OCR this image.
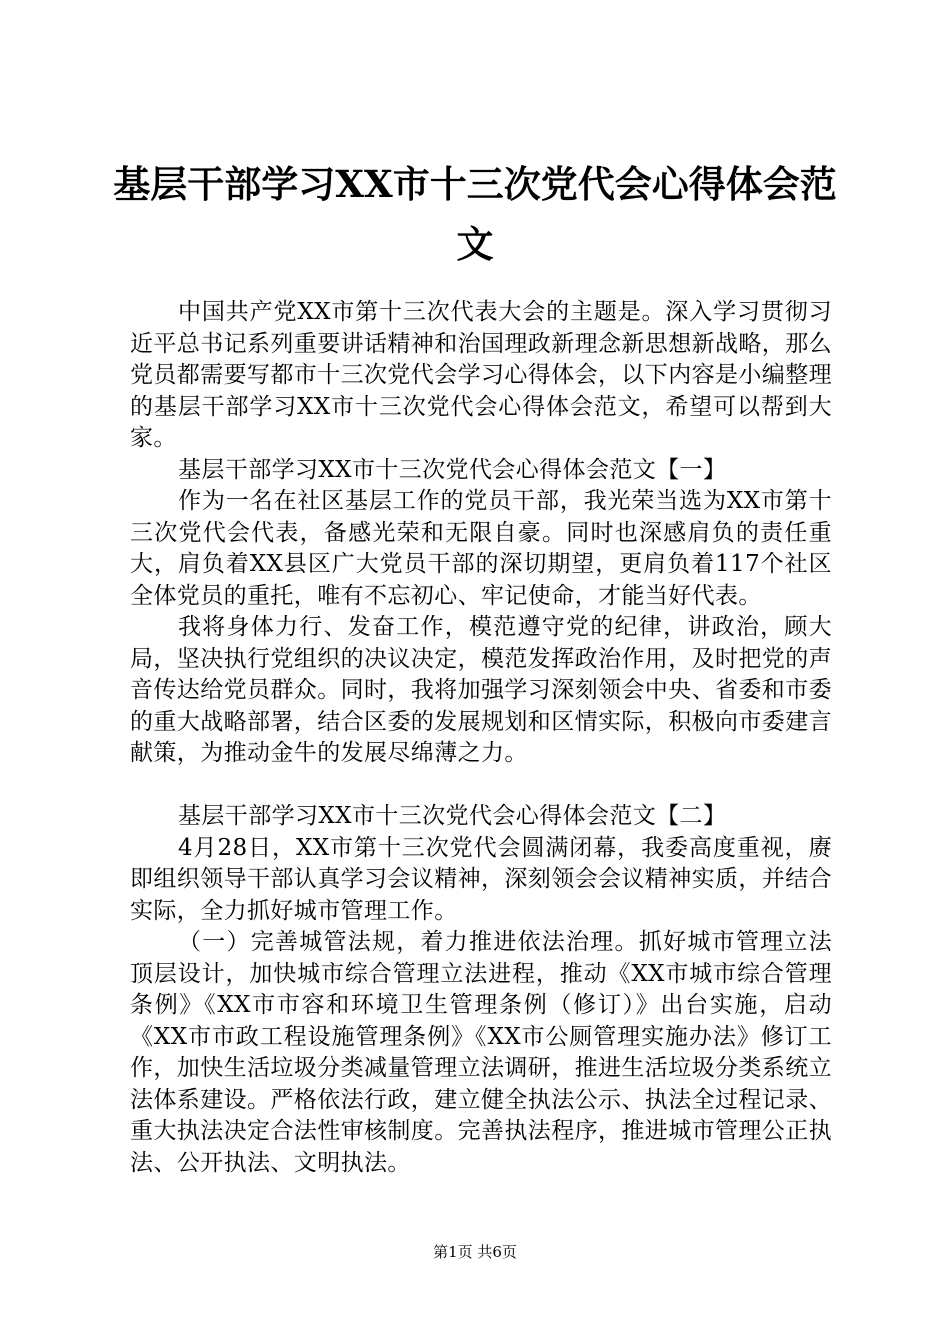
基层干部学习XX市十三次党代会心得体会范
文

中国共产党XX市第十三次代表大会的主题是。深入学习贯彻习近平总书记系列重要讲话精神和治国理政新理念新思想新战略，那么党员都需要写都市十三次党代会学习心得体会，以下内容是小编整理的基层干部学习XX市十三次党代会心得体会范文，希望可以帮到大家。

基层干部学习XX市十三次党代会心得体会范文【一】

作为一名在社区基层工作的党员干部，我光荣当选为XX市第十三次党代会代表，备感光荣和无限自豪。同时也深感肩负的责任重大，肩负着XX县区广大党员干部的深切期望，更肩负着117个社区全体党员的重托，唯有不忘初心、牢记使命，才能当好代表。

我将身体力行、发奋工作，模范遵守党的纪律，讲政治，顾大局，坚决执行党组织的决议决定，模范发挥政治作用，及时把党的声音传达给党员群众。同时，我将加强学习深刻领会中央、省委和市委的重大战略部署，结合区委的发展规划和区情实际，积极向市委建言献策，为推动金牛的发展尽绵薄之力。

基层干部学习XX市十三次党代会心得体会范文【二】

4月28日，XX市第十三次党代会圆满闭幕，我委高度重视，赓即组织领导干部认真学习会议精神，深刻领会会议精神实质，并结合实际，全力抓好城市管理工作。

（一）完善城管法规，着力推进依法治理。抓好城市管理立法顶层设计，加快城市综合管理立法进程，推动《XX市城市综合管理条例》《XX市市容和环境卫生管理条例（修订）》出台实施，启动《XX市市政工程设施管理条例》《XX市公厕管理实施办法》修订工作，加快生活垃圾分类减量管理立法调研，推进生活垃圾分类系统立法体系建设。严格依法行政，建立健全执法公示、执法全过程记录、重大执法决定合法性审核制度。完善执法程序，推进城市管理公正执法、公开执法、文明执法。

第1页 共6页
